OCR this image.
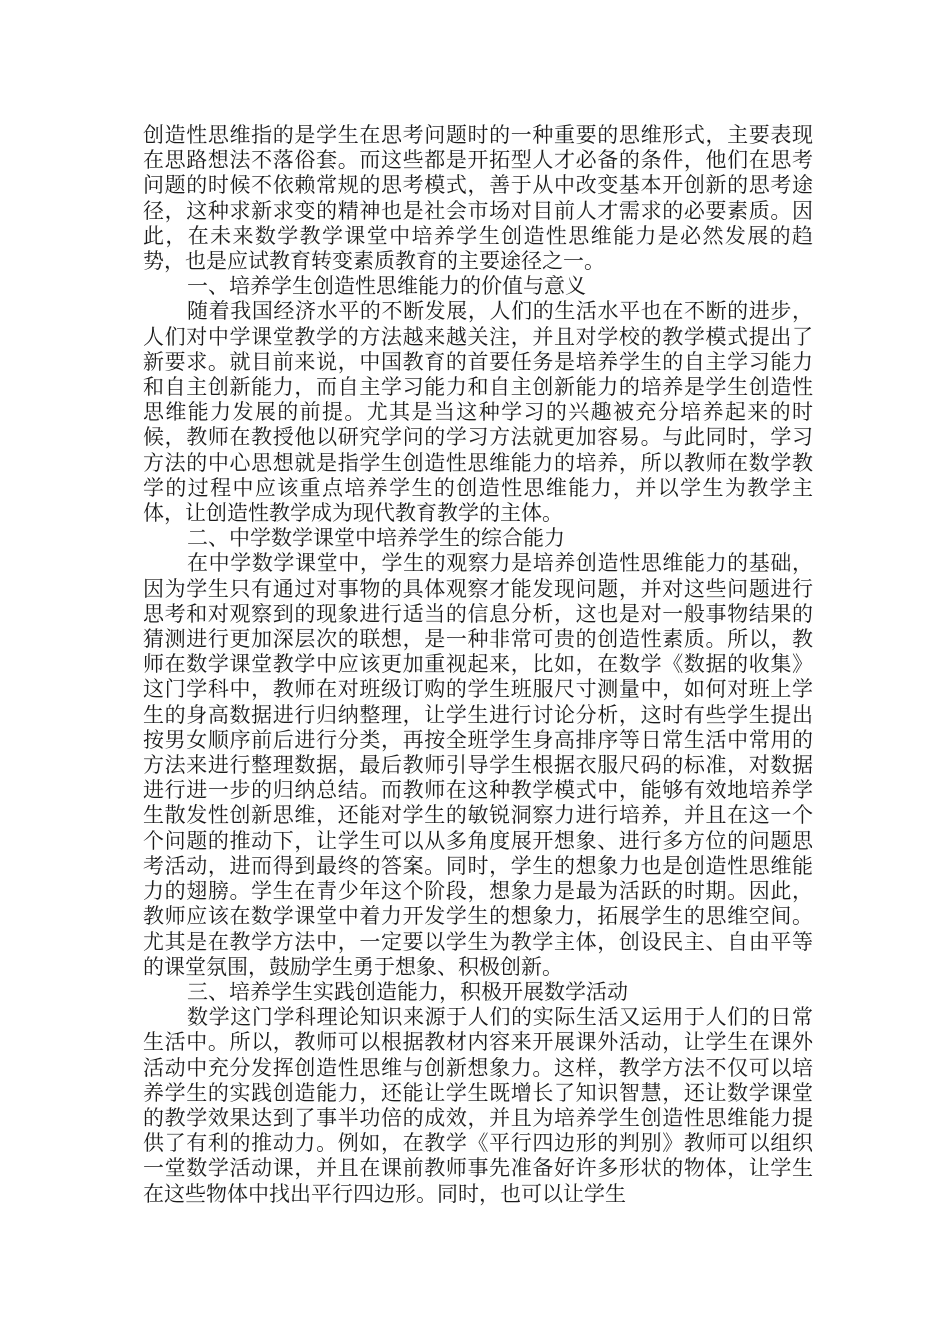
创造性思维指的是学生在思考问题时的一种重要的思维形式，主要表现在思路想法不落俗套。而这些都是开拓型人才必备的条件，他们在思考问题的时候不依赖常规的思考模式，善于从中改变基本开创新的思考途径，这种求新求变的精神也是社会市场对目前人才需求的必要素质。因此，在未来数学教学课堂中培养学生创造性思维能力是必然发展的趋势，也是应试教育转变素质教育的主要途径之一。

一、培养学生创造性思维能力的价值与意义

随着我国经济水平的不断发展，人们的生活水平也在不断的进步，人们对中学课堂教学的方法越来越关注，并且对学校的教学模式提出了新要求。就目前来说，中国教育的首要任务是培养学生的自主学习能力和自主创新能力，而自主学习能力和自主创新能力的培养是学生创造性思维能力发展的前提。尤其是当这种学习的兴趣被充分培养起来的时候，教师在教授他以研究学问的学习方法就更加容易。与此同时，学习方法的中心思想就是指学生创造性思维能力的培养，所以教师在数学教学的过程中应该重点培养学生的创造性思维能力，并以学生为教学主体，让创造性教学成为现代教育教学的主体。

二、中学数学课堂中培养学生的综合能力

在中学数学课堂中，学生的观察力是培养创造性思维能力的基础，因为学生只有通过对事物的具体观察才能发现问题，并对这些问题进行思考和对观察到的现象进行适当的信息分析，这也是对一般事物结果的猜测进行更加深层次的联想，是一种非常可贵的创造性素质。所以，教师在数学课堂教学中应该更加重视起来，比如，在数学《数据的收集》这门学科中，教师在对班级订购的学生班服尺寸测量中，如何对班上学生的身高数据进行归纳整理，让学生进行讨论分析，这时有些学生提出按男女顺序前后进行分类，再按全班学生身高排序等日常生活中常用的方法来进行整理数据，最后教师引导学生根据衣服尺码的标准，对数据进行进一步的归纳总结。而教师在这种教学模式中，能够有效地培养学生散发性创新思维，还能对学生的敏锐洞察力进行培养，并且在这一个个问题的推动下，让学生可以从多角度展开想象、进行多方位的问题思考活动，进而得到最终的答案。同时，学生的想象力也是创造性思维能力的翅膀。学生在青少年这个阶段，想象力是最为活跃的时期。因此，教师应该在数学课堂中着力开发学生的想象力，拓展学生的思维空间。尤其是在教学方法中，一定要以学生为教学主体，创设民主、自由平等的课堂氛围，鼓励学生勇于想象、积极创新。

三、培养学生实践创造能力，积极开展数学活动

数学这门学科理论知识来源于人们的实际生活又运用于人们的日常生活中。所以，教师可以根据教材内容来开展课外活动，让学生在课外活动中充分发挥创造性思维与创新想象力。这样，教学方法不仅可以培养学生的实践创造能力，还能让学生既增长了知识智慧，还让数学课堂的教学效果达到了事半功倍的成效，并且为培养学生创造性思维能力提供了有利的推动力。例如，在教学《平行四边形的判别》教师可以组织一堂数学活动课，并且在课前教师事先准备好许多形状的物体，让学生在这些物体中找出平行四边形。同时，也可以让学生
